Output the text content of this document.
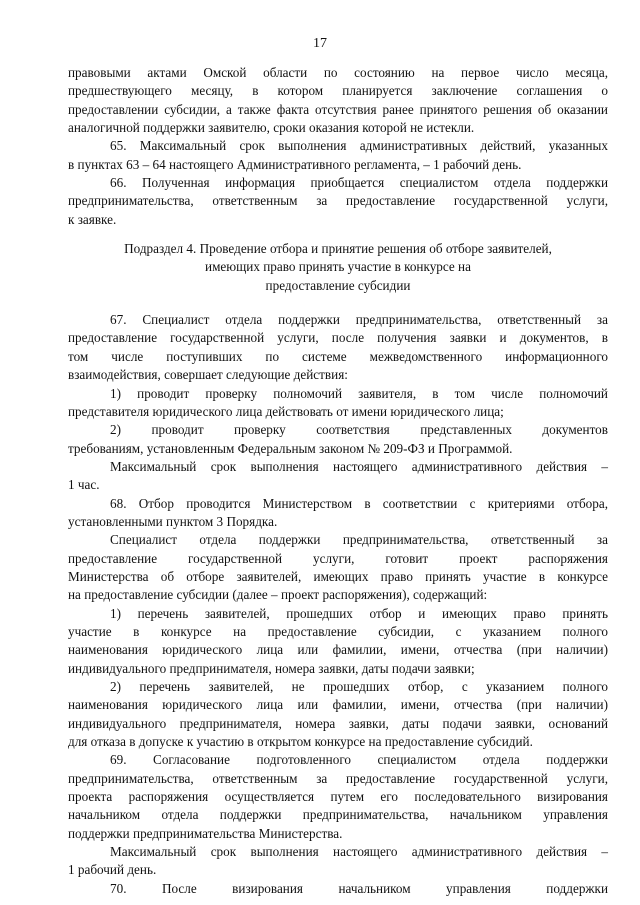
17

правовыми актами Омской области по состоянию на первое число месяца,

предшествующего месяцу, в котором планируется заключение соглашения о

предоставлении субсидии, а также факта отсутствия ранее принятого решения об оказании

аналогичной поддержки заявителю, сроки оказания которой не истекли.

65. Максимальный срок выполнения административных действий, указанных

в пунктах 63 – 64 настоящего Административного регламента, – 1 рабочий день.

66. Полученная информация приобщается специалистом отдела поддержки

предпринимательства, ответственным за предоставление государственной услуги,

к заявке.

Подраздел 4. Проведение отбора и принятие решения об отборе заявителей,

имеющих право принять участие в конкурсе на

предоставление субсидии

67. Специалист отдела поддержки предпринимательства, ответственный за

предоставление государственной услуги, после получения заявки и документов, в

том числе поступивших по системе межведомственного информационного

взаимодействия, совершает следующие действия:

1) проводит проверку полномочий заявителя, в том числе полномочий

представителя юридического лица действовать от имени юридического лица;

2) проводит проверку соответствия представленных документов

требованиям, установленным Федеральным законом № 209-ФЗ и Программой.

Максимальный срок выполнения настоящего административного действия –

1 час.

68. Отбор проводится Министерством в соответствии с критериями отбора,

установленными пунктом 3 Порядка.

Специалист отдела поддержки предпринимательства, ответственный за

предоставление государственной услуги, готовит проект распоряжения

Министерства об отборе заявителей, имеющих право принять участие в конкурсе

на предоставление субсидии (далее – проект распоряжения), содержащий:

1) перечень заявителей, прошедших отбор и имеющих право принять

участие в конкурсе на предоставление субсидии, с указанием полного

наименования юридического лица или фамилии, имени, отчества (при наличии)

индивидуального предпринимателя, номера заявки, даты подачи заявки;

2) перечень заявителей, не прошедших отбор, с указанием полного

наименования юридического лица или фамилии, имени, отчества (при наличии)

индивидуального предпринимателя, номера заявки, даты подачи заявки, оснований

для отказа в допуске к участию в открытом конкурсе на предоставление субсидий.

69. Согласование подготовленного специалистом отдела поддержки

предпринимательства, ответственным за предоставление государственной услуги,

проекта распоряжения осуществляется путем его последовательного визирования

начальником отдела поддержки предпринимательства, начальником управления

поддержки предпринимательства Министерства.

Максимальный срок выполнения настоящего административного действия –

1 рабочий день.

70. После визирования начальником управления поддержки
